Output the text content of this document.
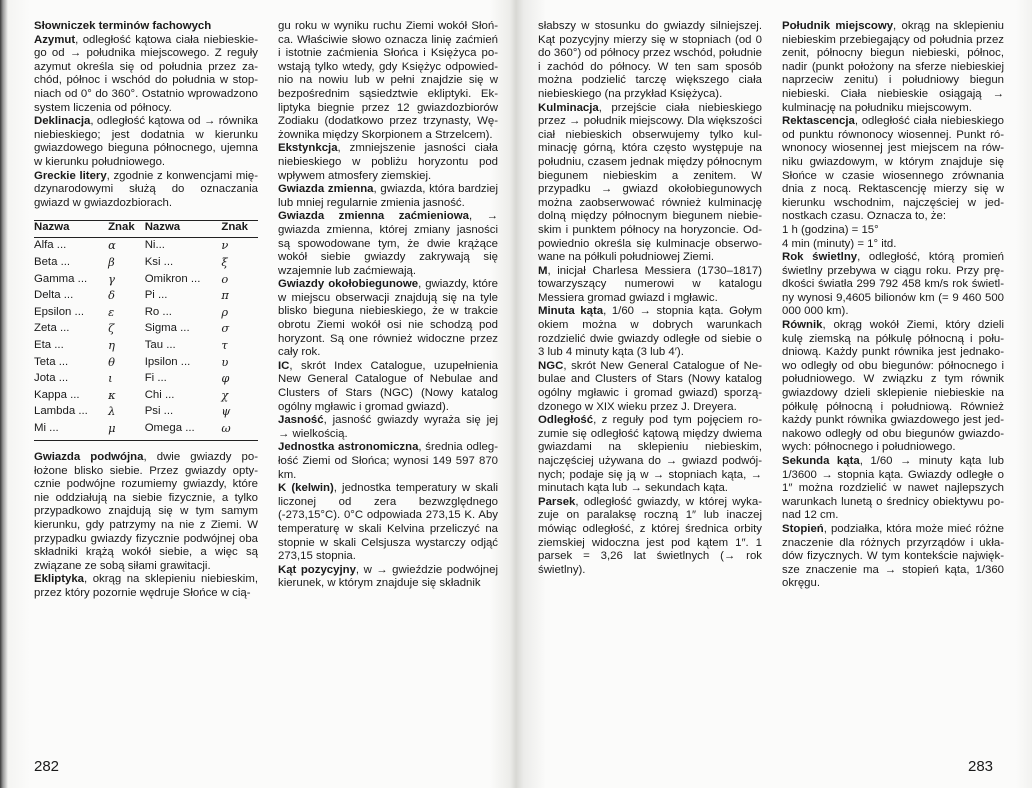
Słowniczek terminów fachowych

Azymut, odległość kątowa ciała niebieskiego od → południka miejscowego. Z reguły azymut określa się od południa przez zachód, północ i wschód do południa w stopniach od 0° do 360°. Ostatnio wprowadzono system liczenia od północy.

Deklinacja, odległość kątowa od → równika niebieskiego; jest dodatnia w kierunku gwiazdowego bieguna północnego, ujemna w kierunku południowego.

Greckie litery, zgodnie z konwencjami międzynarodowymi służą do oznaczania gwiazd w gwiazdozbiorach.

Nazwa	Znak	Nazwa	Znak
Alfa ...	α	Ni...	ν
Beta ...	β	Ksi ...	ξ
Gamma ...	γ	Omikron ...	o
Delta ...	δ	Pi ...	π
Epsilon ...	ε	Ro ...	ρ
Zeta ...	ζ	Sigma ...	σ
Eta ...	η	Tau ...	τ
Teta ...	θ	Ipsilon ...	υ
Jota ...	ι	Fi ...	φ
Kappa ...	κ	Chi ...	χ
Lambda ...	λ	Psi ...	ψ
Mi ...	μ	Omega ...	ω

Gwiazda podwójna, dwie gwiazdy położone blisko siebie. Przez gwiazdy optycznie podwójne rozumiemy gwiazdy, które nie oddziałują na siebie fizycznie, a tylko przypadkowo znajdują się w tym samym kierunku, gdy patrzymy na nie z Ziemi. W przypadku gwiazdy fizycznie podwójnej oba składniki krążą wokół siebie, a więc są związane ze sobą siłami grawitacji.

Ekliptyka, okrąg na sklepieniu niebieskim, przez który pozornie wędruje Słońce w cią-

gu roku w wyniku ruchu Ziemi wokół Słońca. Właściwie słowo oznacza linię zaćmień i istotnie zaćmienia Słońca i Księżyca powstają tylko wtedy, gdy Księżyc odpowiednio na nowiu lub w pełni znajdzie się w bezpośrednim sąsiedztwie ekliptyki. Ekliptyka biegnie przez 12 gwiazdozbiorów Zodiaku (dodatkowo przez trzynasty, Wężownika między Skorpionem a Strzelcem).

Ekstynkcja, zmniejszenie jasności ciała niebieskiego w pobliżu horyzontu pod wpływem atmosfery ziemskiej.

Gwiazda zmienna, gwiazda, która bardziej lub mniej regularnie zmienia jasność.

Gwiazda zmienna zaćmieniowa, → gwiazda zmienna, której zmiany jasności są spowodowane tym, że dwie krążące wokół siebie gwiazdy zakrywają się wzajemnie lub zaćmiewają.

Gwiazdy okołobiegunowe, gwiazdy, które w miejscu obserwacji znajdują się na tyle blisko bieguna niebieskiego, że w trakcie obrotu Ziemi wokół osi nie schodzą pod horyzont. Są one również widoczne przez cały rok.

IC, skrót Index Catalogue, uzupełnienia New General Catalogue of Nebulae and Clusters of Stars (NGC) (Nowy katalog ogólny mgławic i gromad gwiazd).

Jasność, jasność gwiazdy wyraża się jej → wielkością.

Jednostka astronomiczna, średnia odległość Ziemi od Słońca; wynosi 149 597 870 km.

K (kelwin), jednostka temperatury w skali liczonej od zera bezwzględnego (-273,15°C). 0°C odpowiada 273,15 K. Aby temperaturę w skali Kelvina przeliczyć na stopnie w skali Celsjusza wystarczy odjąć 273,15 stopnia.

Kąt pozycyjny, w → gwieździe podwójnej kierunek, w którym znajduje się składnik

282

słabszy w stosunku do gwiazdy silniejszej. Kąt pozycyjny mierzy się w stopniach (od 0 do 360°) od północy przez wschód, południe i zachód do północy. W ten sam sposób można podzielić tarczę większego ciała niebieskiego (na przykład Księżyca).

Kulminacja, przejście ciała niebieskiego przez → południk miejscowy. Dla większości ciał niebieskich obserwujemy tylko kulminację górną, która często występuje na południu, czasem jednak między północnym biegunem niebieskim a zenitem. W przypadku → gwiazd okołobiegunowych można zaobserwować również kulminację dolną między północnym biegunem niebieskim i punktem północy na horyzoncie. Odpowiednio określa się kulminacje obserwowane na półkuli południowej Ziemi.

M, inicjał Charlesa Messiera (1730–1817) towarzyszący numerowi w katalogu Messiera gromad gwiazd i mgławic.

Minuta kąta, 1/60 → stopnia kąta. Gołym okiem można w dobrych warunkach rozdzielić dwie gwiazdy odległe od siebie o 3 lub 4 minuty kąta (3 lub 4′).

NGC, skrót New General Catalogue of Nebulae and Clusters of Stars (Nowy katalog ogólny mgławic i gromad gwiazd) sporządzonego w XIX wieku przez J. Dreyera.

Odległość, z reguły pod tym pojęciem rozumie się odległość kątową między dwiema gwiazdami na sklepieniu niebieskim, najczęściej używana do → gwiazd podwójnych; podaje się ją w → stopniach kąta, → minutach kąta lub → sekundach kąta.

Parsek, odległość gwiazdy, w której wykazuje on paralaksę roczną 1″ lub inaczej mówiąc odległość, z której średnica orbity ziemskiej widoczna jest pod kątem 1″. 1 parsek = 3,26 lat świetlnych (→ rok świetlny).

Południk miejscowy, okrąg na sklepieniu niebieskim przebiegający od południa przez zenit, północny biegun niebieski, północ, nadir (punkt położony na sferze niebieskiej naprzeciw zenitu) i południowy biegun niebieski. Ciała niebieskie osiągają → kulminację na południku miejscowym.

Rektascencja, odległość ciała niebieskiego od punktu równonocy wiosennej. Punkt równonocy wiosennej jest miejscem na równiku gwiazdowym, w którym znajduje się Słońce w czasie wiosennego zrównania dnia z nocą. Rektascencję mierzy się w kierunku wschodnim, najczęściej w jednostkach czasu. Oznacza to, że:

1 h (godzina) = 15°

4 min (minuty) = 1° itd.

Rok świetlny, odległość, którą promień świetlny przebywa w ciągu roku. Przy prędkości światła 299 792 458 km/s rok świetlny wynosi 9,4605 bilionów km (= 9 460 500 000 000 km).

Równik, okrąg wokół Ziemi, który dzieli kulę ziemską na półkulę północną i południową. Każdy punkt równika jest jednakowo odległy od obu biegunów: północnego i południowego. W związku z tym równik gwiazdowy dzieli sklepienie niebieskie na półkulę północną i południową. Również każdy punkt równika gwiazdowego jest jednakowo odległy od obu biegunów gwiazdowych: północnego i południowego.

Sekunda kąta, 1/60 → minuty kąta lub 1/3600 → stopnia kąta. Gwiazdy odległe o 1″ można rozdzielić w nawet najlepszych warunkach lunetą o średnicy obiektywu ponad 12 cm.

Stopień, podziałka, która może mieć różne znaczenie dla różnych przyrządów i układów fizycznych. W tym kontekście największe znaczenie ma → stopień kąta, 1/360 okręgu.

283
